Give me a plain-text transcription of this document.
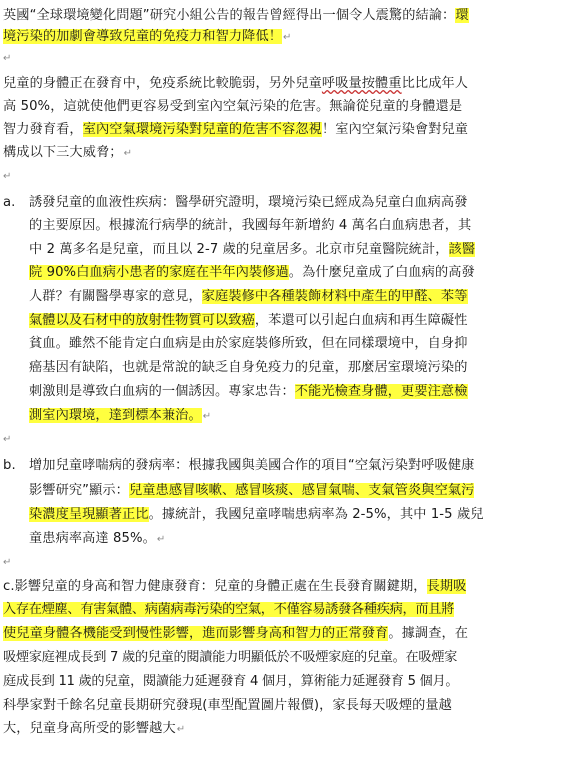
英國“全球環境變化問題”研究小組公告的報告曾經得出一個令人震驚的結論：環
境污染的加劇會導致兒童的免疫力和智力降低！↵
↵
兒童的身體正在發育中，免疫系統比較脆弱，另外兒童呼吸量按體重比比成年人
高 50%，這就使他們更容易受到室內空氣污染的危害。無論從兒童的身體還是
智力發育看，室內空氣環境污染對兒童的危害不容忽視！室內空氣污染會對兒童
構成以下三大威脅；↵
↵
a. 誘發兒童的血液性疾病：醫學研究證明，環境污染已經成為兒童白血病高發
的主要原因。根據流行病學的統計，我國每年新增約 4 萬名白血病患者，其
中 2 萬多名是兒童，而且以 2-7 歲的兒童居多。北京市兒童醫院統計，該醫
院 90%白血病小患者的家庭在半年內裝修過。為什麼兒童成了白血病的高發
人群？有關醫學專家的意見，家庭裝修中各種裝飾材料中產生的甲醛、苯等
氣體以及石材中的放射性物質可以致癌，苯還可以引起白血病和再生障礙性
貧血。雖然不能肯定白血病是由於家庭裝修所致，但在同樣環境中，自身抑
癌基因有缺陷，也就是常說的缺乏自身免疫力的兒童，那麼居室環境污染的
刺激則是導致白血病的一個誘因。專家忠告：不能光檢查身體，更要注意檢
測室內環境，達到標本兼治。↵
↵
b. 增加兒童哮喘病的發病率：根據我國與美國合作的項目“空氣污染對呼吸健康
影響研究”顯示：兒童患感冒咳嗽、感冒咳痰、感冒氣喘、支氣管炎與空氣污
染濃度呈現顯著正比。據統計，我國兒童哮喘患病率為 2-5%，其中 1-5 歲兒
童患病率高達 85%。↵
↵
c.影響兒童的身高和智力健康發育：兒童的身體正處在生長發育關鍵期，長期吸
入存在煙塵、有害氣體、病菌病毒污染的空氣，不僅容易誘發各種疾病，而且將
使兒童身體各機能受到慢性影響，進而影響身高和智力的正常發育。據調查，在
吸煙家庭裡成長到 7 歲的兒童的閱讀能力明顯低於不吸煙家庭的兒童。在吸煙家
庭成長到 11 歲的兒童，閱讀能力延遲發育 4 個月，算術能力延遲發育 5 個月。
科學家對千餘名兒童長期研究發現(車型配置圖片報價)，家長每天吸煙的量越
大，兒童身高所受的影響越大↵
